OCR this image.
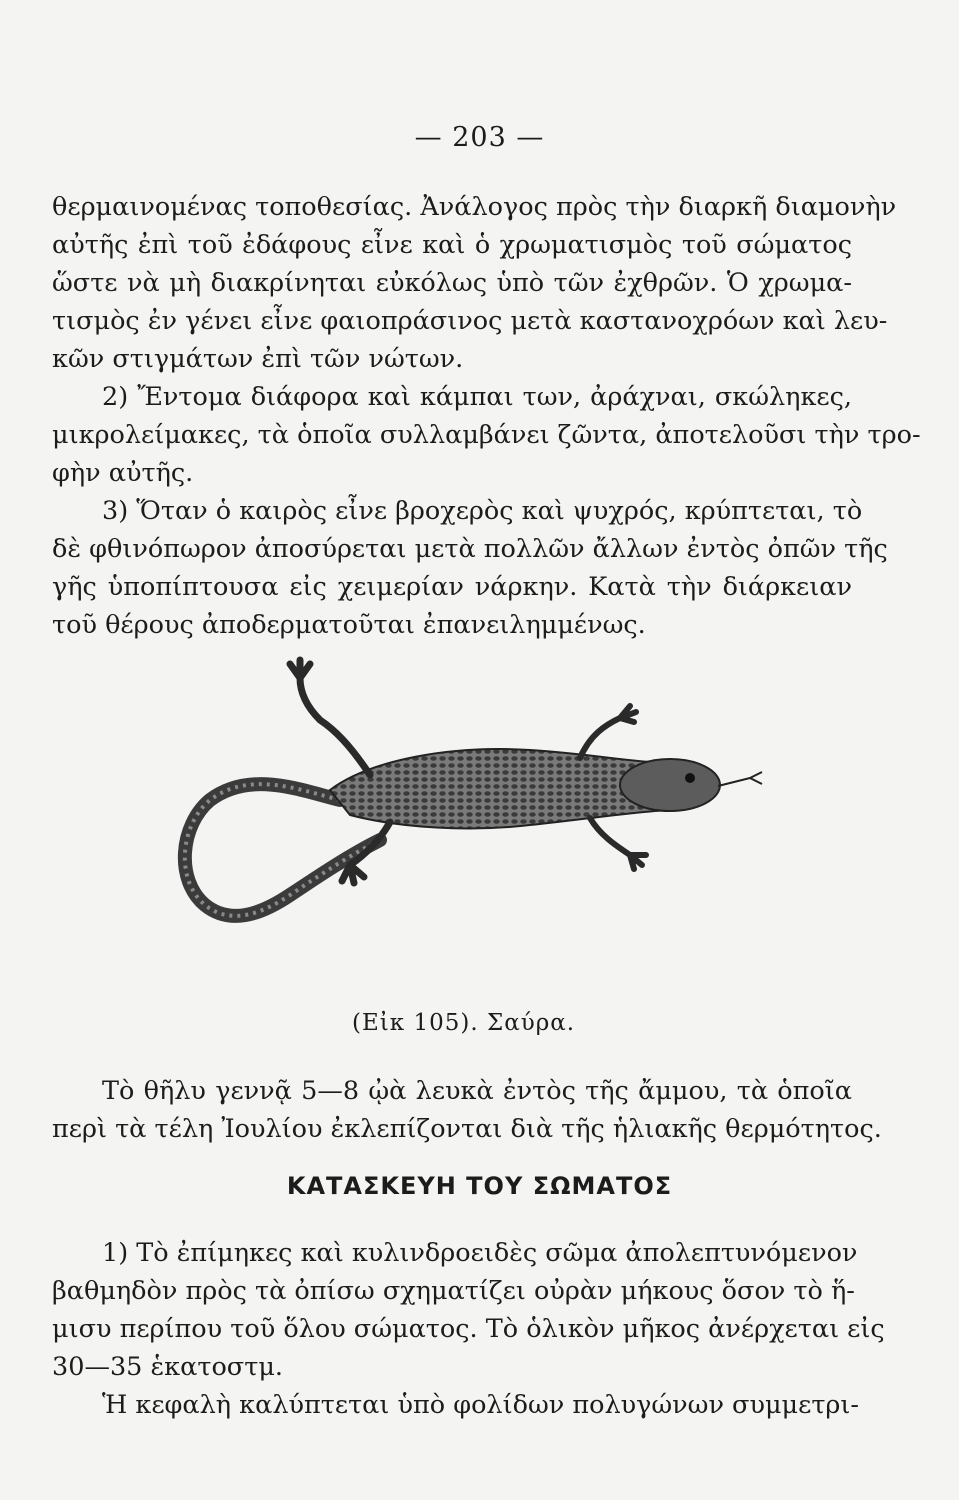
— 203 —
θερμαινομένας τοποθεσίας. Ἀνάλογος πρὸς τὴν διαρκῆ διαμονὴν
αὐτῆς ἐπὶ τοῦ ἐδάφους εἶνε καὶ ὁ χρωματισμὸς τοῦ σώματος
ὥστε νὰ μὴ διακρίνηται εὐκόλως ὑπὸ τῶν ἐχθρῶν. Ὁ χρωμα-
τισμὸς ἐν γένει εἶνε φαιοπράσινος μετὰ καστανοχρόων καὶ λευ-
κῶν στιγμάτων ἐπὶ τῶν νώτων.
2) Ἔντομα διάφορα καὶ κάμπαι των, ἀράχναι, σκώληκες,
μικρολείμακες, τὰ ὁποῖα συλλαμβάνει ζῶντα, ἀποτελοῦσι τὴν τρο-
φὴν αὐτῆς.
3) Ὅταν ὁ καιρὸς εἶνε βροχερὸς καὶ ψυχρός, κρύπτεται, τὸ
δὲ φθινόπωρον ἀποσύρεται μετὰ πολλῶν ἄλλων ἐντὸς ὀπῶν τῆς
γῆς ὑποπίπτουσα εἰς χειμερίαν νάρκην. Κατὰ τὴν διάρκειαν
τοῦ θέρους ἀποδερματοῦται ἐπανειλημμένως.
(Εἰκ 105). Σαύρα.
Τὸ θῆλυ γεννᾷ 5—8 ᾠὰ λευκὰ ἐντὸς τῆς ἄμμου, τὰ ὁποῖα
περὶ τὰ τέλη Ἰουλίου ἐκλεπίζονται διὰ τῆς ἡλιακῆς θερμότητος.
ΚΑΤΑΣΚΕΥΗ ΤΟΥ ΣΩΜΑΤΟΣ
1) Τὸ ἐπίμηκες καὶ κυλινδροειδὲς σῶμα ἀπολεπτυνόμενον
βαθμηδὸν πρὸς τὰ ὀπίσω σχηματίζει οὐρὰν μήκους ὅσον τὸ ἥ-
μισυ περίπου τοῦ ὅλου σώματος. Τὸ ὁλικὸν μῆκος ἀνέρχεται εἰς
30—35 ἑκατοστμ.
Ἡ κεφαλὴ καλύπτεται ὑπὸ φολίδων πολυγώνων συμμετρι-
